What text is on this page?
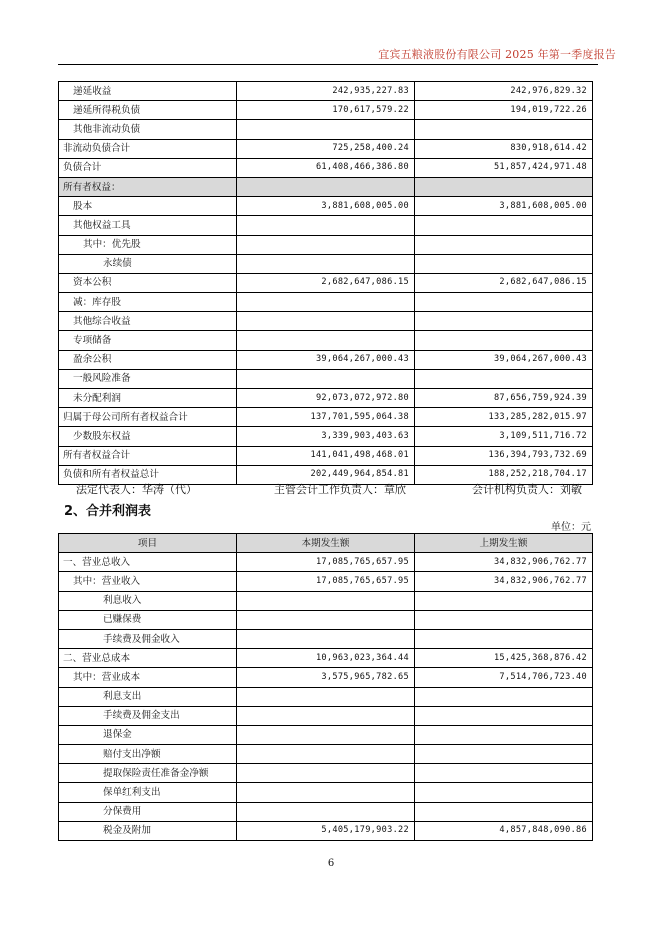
宜宾五粮液股份有限公司 2025 年第一季度报告
递延收益	242,935,227.83	242,976,829.32
递延所得税负债	170,617,579.22	194,019,722.26
其他非流动负债		
非流动负债合计	725,258,400.24	830,918,614.42
负债合计	61,408,466,386.80	51,857,424,971.48
所有者权益：		
股本	3,881,608,005.00	3,881,608,005.00
其他权益工具		
其中：优先股		
永续债		
资本公积	2,682,647,086.15	2,682,647,086.15
减：库存股		
其他综合收益		
专项储备		
盈余公积	39,064,267,000.43	39,064,267,000.43
一般风险准备		
未分配利润	92,073,072,972.80	87,656,759,924.39
归属于母公司所有者权益合计	137,701,595,064.38	133,285,282,015.97
少数股东权益	3,339,903,403.63	3,109,511,716.72
所有者权益合计	141,041,498,468.01	136,394,793,732.69
负债和所有者权益总计	202,449,964,854.81	188,252,218,704.17
法定代表人：华涛（代）	主管会计工作负责人：章欣	会计机构负责人：刘敏
2、合并利润表
单位：元
项目	本期发生额	上期发生额
一、营业总收入	17,085,765,657.95	34,832,906,762.77
其中：营业收入	17,085,765,657.95	34,832,906,762.77
利息收入		
已赚保费		
手续费及佣金收入		
二、营业总成本	10,963,023,364.44	15,425,368,876.42
其中：营业成本	3,575,965,782.65	7,514,706,723.40
利息支出		
手续费及佣金支出		
退保金		
赔付支出净额		
提取保险责任准备金净额		
保单红利支出		
分保费用		
税金及附加	5,405,179,903.22	4,857,848,090.86
6
